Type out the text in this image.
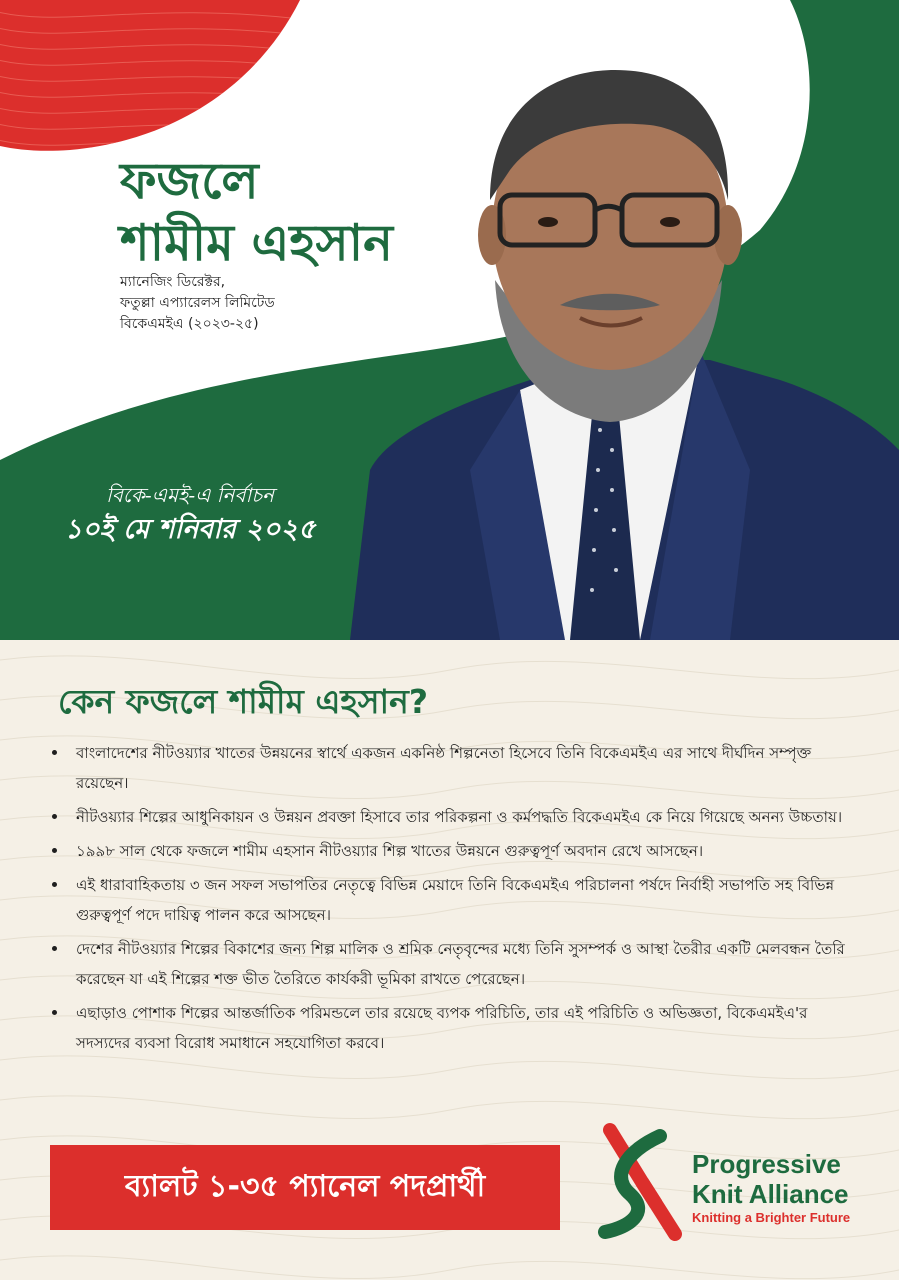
ফজলে
শামীম এহসান
ম্যানেজিং ডিরেক্টর,
ফতুল্লা এপ্যারেলস লিমিটেড
বিকেএমইএ (২০২৩-২৫)
বিকে-এমই-এ নির্বাচন
১০ই মে শনিবার ২০২৫
কেন ফজলে শামীম এহসান?
বাংলাদেশের নীটওয়্যার খাতের উন্নয়নের স্বার্থে একজন একনিষ্ঠ শিল্পনেতা হিসেবে তিনি বিকেএমইএ এর সাথে দীর্ঘদিন সম্পৃক্ত রয়েছেন।
নীটওয়্যার শিল্পের আধুনিকায়ন ও উন্নয়ন প্রবক্তা হিসাবে তার পরিকল্পনা ও কর্মপদ্ধতি বিকেএমইএ কে নিয়ে গিয়েছে অনন্য উচ্চতায়।
১৯৯৮ সাল থেকে ফজলে শামীম এহসান নীটওয়্যার শিল্প খাতের উন্নয়নে গুরুত্বপূর্ণ অবদান রেখে আসছেন।
এই ধারাবাহিকতায় ৩ জন সফল সভাপতির নেতৃত্বে বিভিন্ন মেয়াদে তিনি বিকেএমইএ পরিচালনা পর্ষদে নির্বাহী সভাপতি সহ বিভিন্ন গুরুত্বপূর্ণ পদে দায়িত্ব পালন করে আসছেন।
দেশের নীটওয়্যার শিল্পের বিকাশের জন্য শিল্প মালিক ও শ্রমিক নেতৃবৃন্দের মধ্যে তিনি সুসম্পর্ক ও আস্থা তৈরীর একটি মেলবন্ধন তৈরি করেছেন যা এই শিল্পের শক্ত ভীত তৈরিতে কার্যকরী ভূমিকা রাখতে পেরেছেন।
এছাড়াও পোশাক শিল্পের আন্তর্জাতিক পরিমন্ডলে তার রয়েছে ব্যপক পরিচিতি, তার এই পরিচিতি ও অভিজ্ঞতা, বিকেএমইএ'র সদস্যদের ব্যবসা বিরোধ সমাধানে সহযোগিতা করবে।
ব্যালট ১-৩৫ প্যানেল পদপ্রার্থী
Progressive
Knit Alliance
Knitting a Brighter Future
